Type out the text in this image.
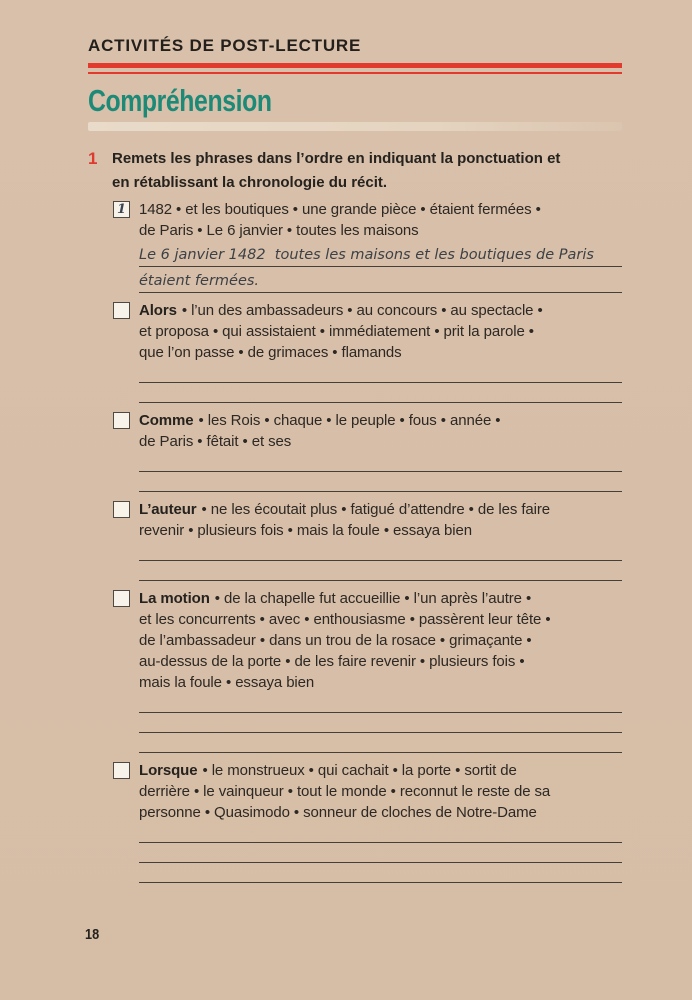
ACTIVITÉS DE POST-LECTURE
Compréhension
1 Remets les phrases dans l’ordre en indiquant la ponctuation et
en rétablissant la chronologie du récit.
1 1482 • et les boutiques • une grande pièce • étaient fermées •
de Paris • Le 6 janvier • toutes les maisons
Le 6 janvier 1482  toutes les maisons et les boutiques de Paris
étaient fermées.
Alors • l’un des ambassadeurs • au concours • au spectacle •
et proposa • qui assistaient • immédiatement • prit la parole •
que l’on passe • de grimaces • flamands
Comme • les Rois • chaque • le peuple • fous • année •
de Paris • fêtait • et ses
L’auteur • ne les écoutait plus • fatigué d’attendre • de les faire
revenir • plusieurs fois • mais la foule • essaya bien
La motion • de la chapelle fut accueillie • l’un après l’autre •
et les concurrents • avec • enthousiasme • passèrent leur tête •
de l’ambassadeur • dans un trou de la rosace • grimaçante •
au-dessus de la porte • de les faire revenir • plusieurs fois •
mais la foule • essaya bien
Lorsque • le monstrueux • qui cachait • la porte • sortit de
derrière • le vainqueur • tout le monde • reconnut le reste de sa
personne • Quasimodo • sonneur de cloches de Notre-Dame
18
